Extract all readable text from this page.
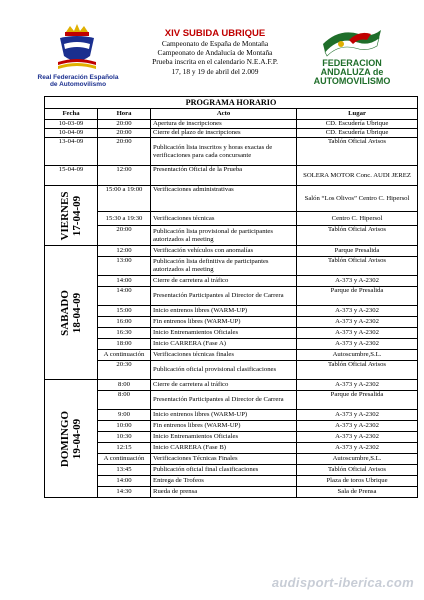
Real Federación Española
de Automovilismo
XIV SUBIDA UBRIQUE
Campeonato de España de Montaña
Campeonato de Andalucía de Montaña
Prueba inscrita en el calendario N.E.A.F.P.
17, 18 y 19 de abril del 2.009
FEDERACION
ANDALUZA de
AUTOMOVILISMO
PROGRAMA HORARIO			
Fecha	Hora	Acto	Lugar
10-03-09	20:00	Apertura de inscripciones	CD. Escudería Ubrique
10-04-09	20:00	Cierre del plazo de inscripciones	CD. Escudería Ubrique
13-04-09	20:00	Publicación lista inscritos y horas exactas de verificaciones para cada concursante	Tablón Oficial Avisos
15-04-09	12:00	Presentación Oficial de la Prueba	SOLERA MOTOR Conc. AUDI JEREZ

VIERNES 17-04-09	15:00 a 19:00	Verificaciones administrativas	Salón “Los Olivos” Centro C. Hipersol
	15:30 a 19:30	Verificaciones técnicas	Centro C. Hipersol
	20:00	Publicación lista provisional de participantes autorizados al meeting	Tablón Oficial Avisos

SABADO 18-04-09	12:00	Verificación vehículos con anomalías	Parque Presalida
	13:00	Publicación lista definitiva de participantes autorizados al meeting	Tablón Oficial Avisos
	14:00	Cierre de carretera al tráfico	A-373 y A-2302
	14:00	Presentación Participantes al Director de Carrera	Parque de Presalida
	15:00	Inicio entrenos libres (WARM-UP)	A-373 y A-2302
	16:00	Fin entrenos libres (WARM-UP)	A-373 y A-2302
	16:30	Inicio Entrenamientos Oficiales	A-373 y A-2302
	18:00	Inicio CARRERA (Fase A)	A-373 y A-2302
	A continuación	Verificaciones técnicas finales	Autoscumbre,S.L.
	20:30	Publicación oficial provisional clasificaciones	Tablón Oficial Avisos

DOMINGO 19-04-09	8:00	Cierre de carretera al tráfico	A-373 y A-2302
	8:00	Presentación Participantes al Director de Carrera	Parque de Presalida
	9:00	Inicio entrenos libres (WARM-UP)	A-373 y A-2302
	10:00	Fin entrenos libres (WARM-UP)	A-373 y A-2302
	10:30	Inicio Entrenamientos Oficiales	A-373 y A-2302
	12:15	Inicio CARRERA (Fase B)	A-373 y A-2302
	A continuación	Verificaciones Técnicas Finales	Autoscumbre,S.L.
	13:45	Publicación oficial final clasificaciones	Tablón Oficial Avisos
	14:00	Entrega de Trofeos	Plaza de toros Ubrique
	14:30	Rueda de prensa	Sala de Prensa
audisport-iberica.com
